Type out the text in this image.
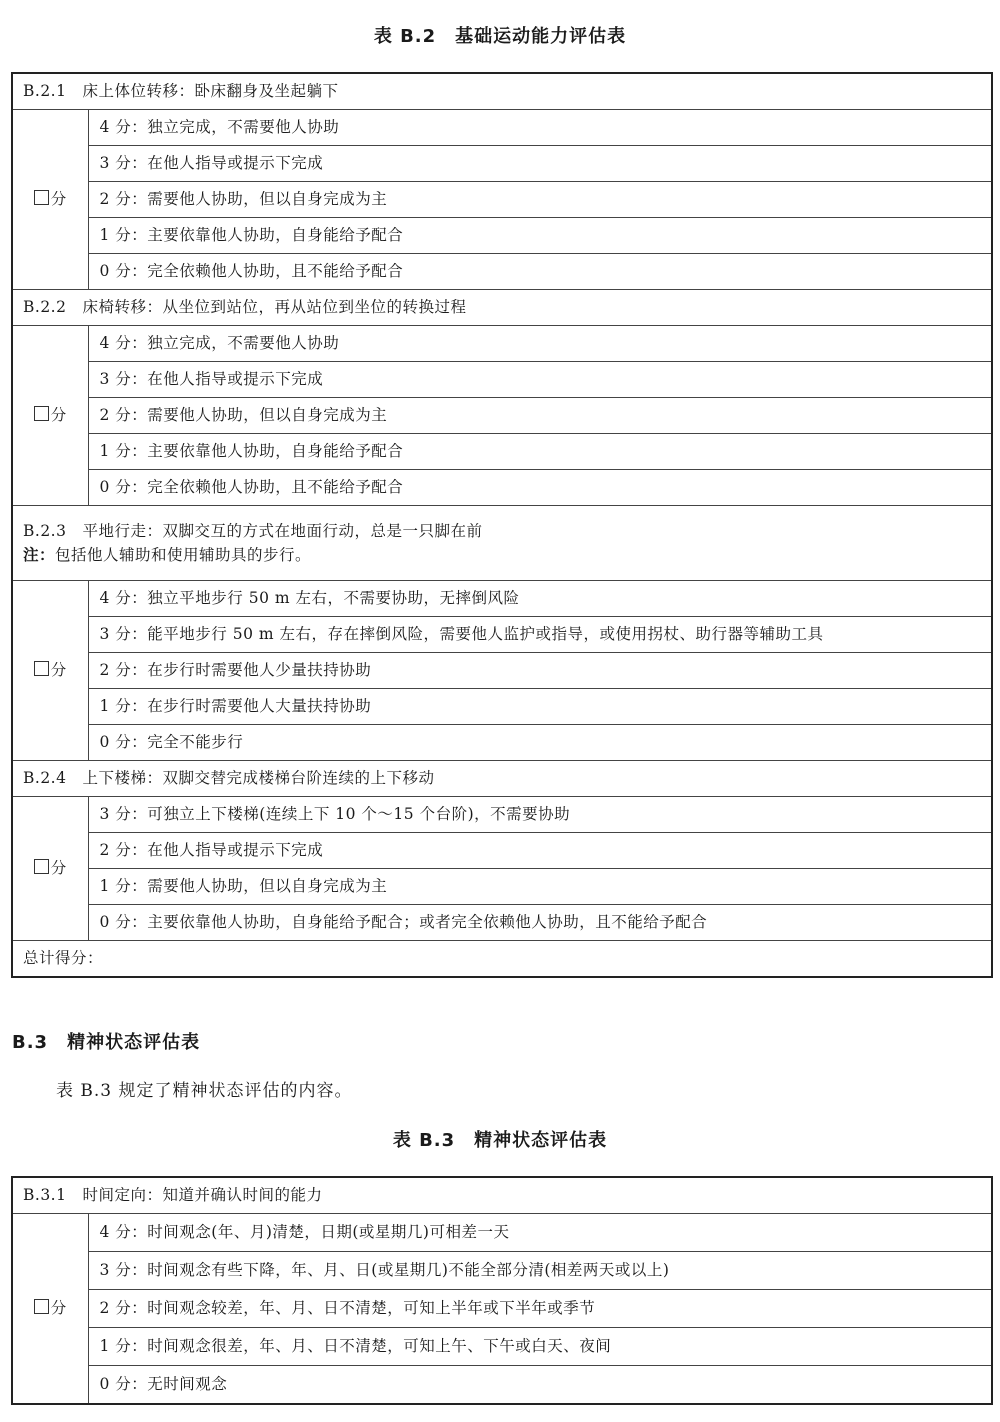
表 B.2　基础运动能力评估表
B.2.1　床上体位转移：卧床翻身及坐起躺下	
分	4 分：独立完成，不需要他人协助
	3 分：在他人指导或提示下完成
	2 分：需要他人协助，但以自身完成为主
	1 分：主要依靠他人协助，自身能给予配合
	0 分：完全依赖他人协助，且不能给予配合
B.2.2　床椅转移：从坐位到站位，再从站位到坐位的转换过程	
分	4 分：独立完成，不需要他人协助
	3 分：在他人指导或提示下完成
	2 分：需要他人协助，但以自身完成为主
	1 分：主要依靠他人协助，自身能给予配合
	0 分：完全依赖他人协助，且不能给予配合

B.2.3　平地行走：双脚交互的方式在地面行动，总是一只脚在前
注：包括他人辅助和使用辅助具的步行。	

分	4 分：独立平地步行 50 m 左右，不需要协助，无摔倒风险
	3 分：能平地步行 50 m 左右，存在摔倒风险，需要他人监护或指导，或使用拐杖、助行器等辅助工具
	2 分：在步行时需要他人少量扶持协助
	1 分：在步行时需要他人大量扶持协助
	0 分：完全不能步行
B.2.4　上下楼梯：双脚交替完成楼梯台阶连续的上下移动	
分	3 分：可独立上下楼梯(连续上下 10 个～15 个台阶)，不需要协助
	2 分：在他人指导或提示下完成
	1 分：需要他人协助，但以自身完成为主
	0 分：主要依靠他人协助，自身能给予配合；或者完全依赖他人协助，且不能给予配合
总计得分：	
B.3　精神状态评估表
表 B.3 规定了精神状态评估的内容。
表 B.3　精神状态评估表
B.3.1　时间定向：知道并确认时间的能力
分	4 分：时间观念(年、月)清楚，日期(或星期几)可相差一天
3 分：时间观念有些下降，年、月、日(或星期几)不能全部分清(相差两天或以上)
2 分：时间观念较差，年、月、日不清楚，可知上半年或下半年或季节
1 分：时间观念很差，年、月、日不清楚，可知上午、下午或白天、夜间
0 分：无时间观念
